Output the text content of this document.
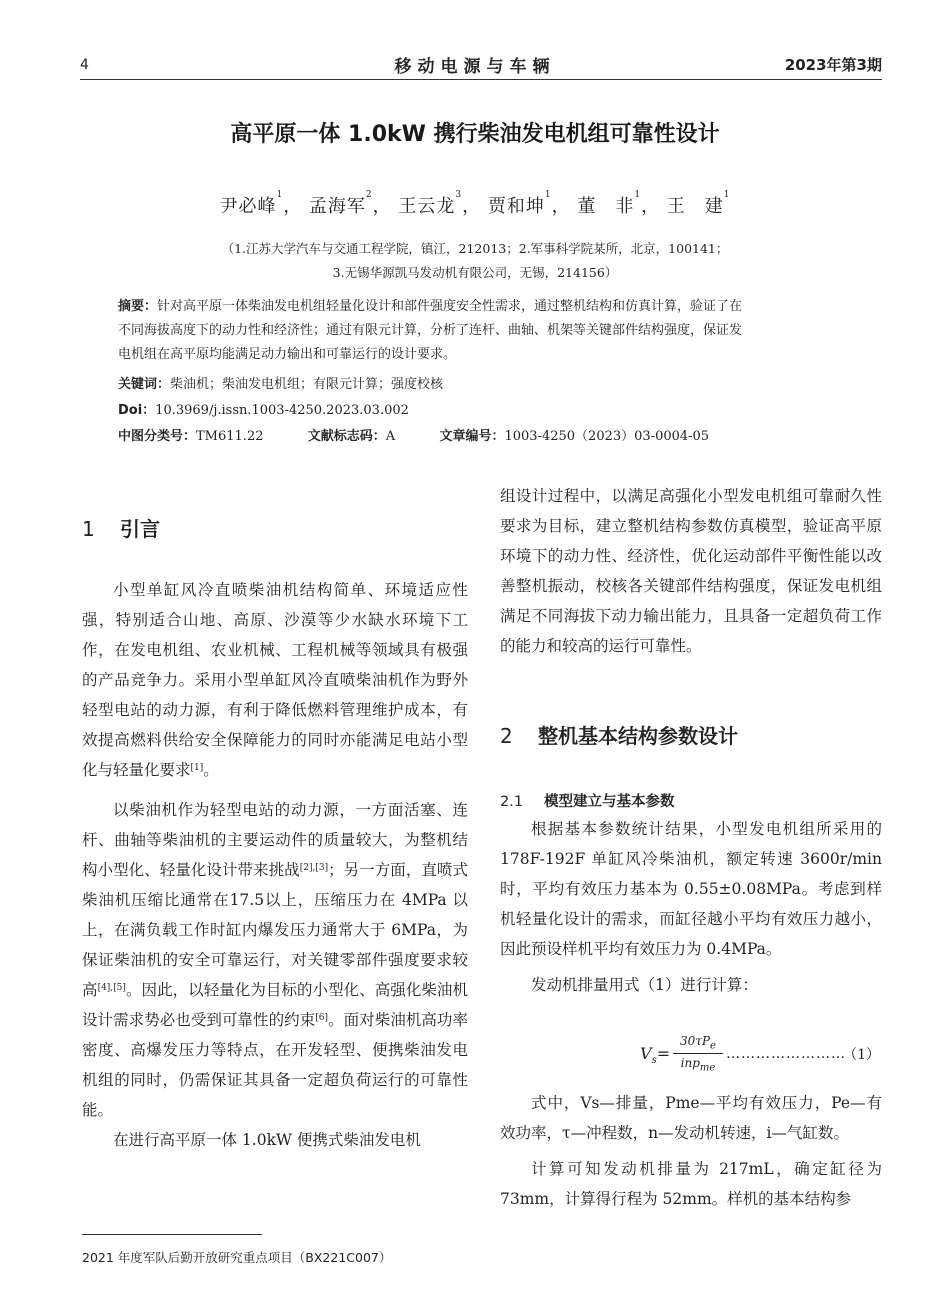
4	移动电源与车辆	2023年第3期
高平原一体 1.0kW 携行柴油发电机组可靠性设计
尹必峰$^1$， 孟海军$^2$， 王云龙$^3$， 贾和坤$^1$， 董　非$^1$， 王　建$^1$
（1.江苏大学汽车与交通工程学院，镇江，212013；2.军事科学院某所，北京，100141；
3.无锡华源凯马发动机有限公司，无锡，214156）
摘要：针对高平原一体柴油发电机组轻量化设计和部件强度安全性需求，通过整机结构和仿真计算，验证了在
不同海拔高度下的动力性和经济性；通过有限元计算，分析了连杆、曲轴、机架等关键部件结构强度，保证发
电机组在高平原均能满足动力输出和可靠运行的设计要求。
关键词：柴油机；柴油发电机组；有限元计算；强度校核
Doi：10.3969/j.issn.1003-4250.2023.03.002
中图分类号：TM611.22	文献标志码：A	文章编号：1003-4250（2023）03-0004-05
1 引言

小型单缸风冷直喷柴油机结构简单、环境适应性强，特别适合山地、高原、沙漠等少水缺水环境下工作，在发电机组、农业机械、工程机械等领域具有极强的产品竞争力。采用小型单缸风冷直喷柴油机作为野外轻型电站的动力源，有利于降低燃料管理维护成本，有效提高燃料供给安全保障能力的同时亦能满足电站小型化与轻量化要求[1]。

以柴油机作为轻型电站的动力源，一方面活塞、连杆、曲轴等柴油机的主要运动件的质量较大，为整机结构小型化、轻量化设计带来挑战[2],[3]；另一方面，直喷式柴油机压缩比通常在17.5以上，压缩压力在 4MPa 以上，在满负载工作时缸内爆发压力通常大于 6MPa，为保证柴油机的安全可靠运行，对关键零部件强度要求较高[4],[5]。因此，以轻量化为目标的小型化、高强化柴油机设计需求势必也受到可靠性的约束[6]。面对柴油机高功率密度、高爆发压力等特点，在开发轻型、便携柴油发电机组的同时，仍需保证其具备一定超负荷运行的可靠性能。

在进行高平原一体 1.0kW 便携式柴油发电机

组设计过程中，以满足高强化小型发电机组可靠耐久性要求为目标，建立整机结构参数仿真模型，验证高平原环境下的动力性、经济性，优化运动部件平衡性能以改善整机振动，校核各关键部件结构强度，保证发电机组满足不同海拔下动力输出能力，且具备一定超负荷工作的能力和较高的运行可靠性。

2 整机基本结构参数设计
2.1 模型建立与基本参数

根据基本参数统计结果，小型发电机组所采用的 178F-192F 单缸风冷柴油机，额定转速 3600r/min 时，平均有效压力基本为 0.55±0.08MPa。考虑到样机轻量化设计的需求，而缸径越小平均有效压力越小，因此预设样机平均有效压力为 0.4MPa。

发动机排量用式（1）进行计算：

$V_s=$
$30\tau P_e$
inp$_{me}$
……………………
（1）

式中，Vs—排量，Pme—平均有效压力，Pe—有效功率，τ—冲程数，n—发动机转速，i—气缸数。

计算可知发动机排量为 217mL，确定缸径为 73mm，计算得行程为 52mm。样机的基本结构参

2021 年度军队后勤开放研究重点项目（BX221C007）
